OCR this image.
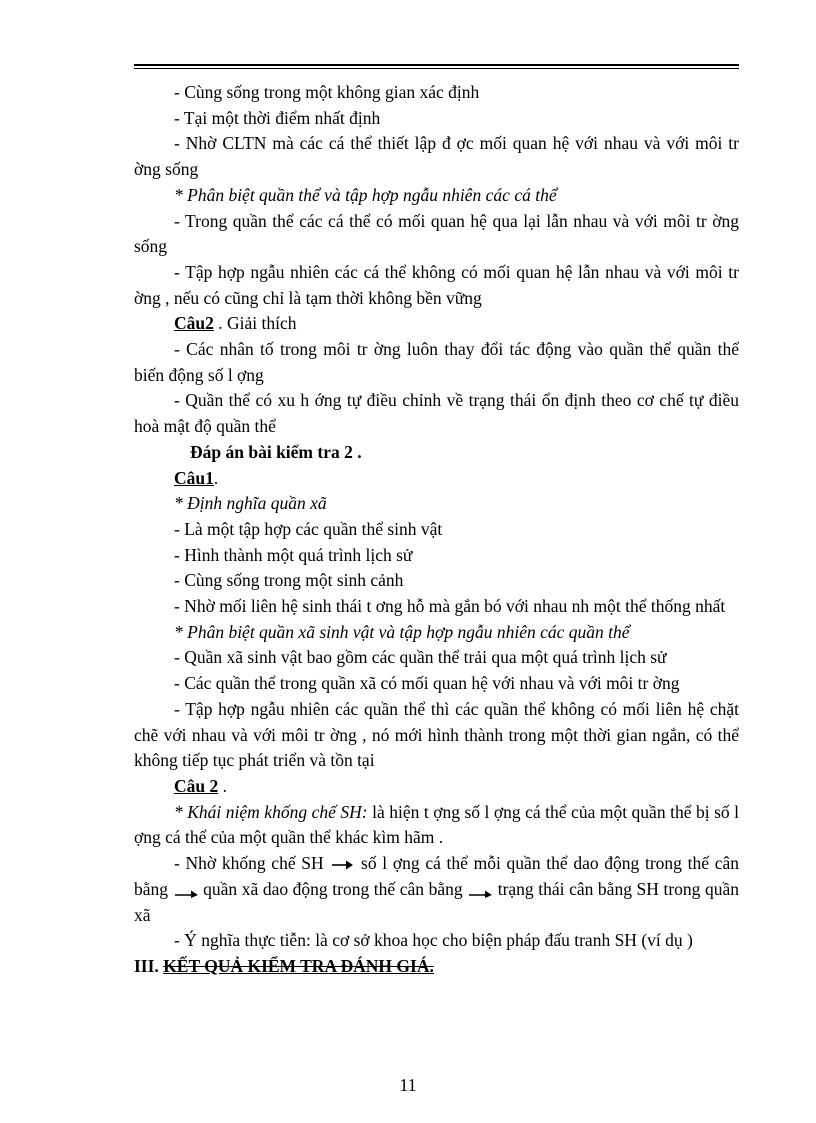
- Cùng sống trong một không gian xác định

- Tại một thời điểm nhất định

- Nhờ CLTN mà các cá thể thiết lập đ ợc mối quan hệ với nhau và với môi tr ờng sống

* Phân biệt quần thể và tập hợp ngẫu nhiên các cá thể

- Trong quần thể các cá thể có mối quan hệ qua lại lẫn nhau và với môi tr ờng sống

- Tập hợp ngẫu nhiên các cá thể không có mối quan hệ lẫn nhau và với môi tr ờng , nếu có cũng chỉ là tạm thời không bền vững

Câu2 . Giải thích

- Các nhân tố trong môi tr ờng luôn thay đổi tác động vào quần thể quần thể biến động số l ợng

- Quần thể có xu h ớng tự điều chỉnh về trạng thái ổn định theo cơ chế tự điều hoà mật độ quần thể

Đáp án bài kiểm tra 2 .

Câu1.

* Định nghĩa quần xã

- Là một tập hợp các quần thể sinh vật

- Hình thành một quá trình lịch sử

- Cùng sống trong một sinh cảnh

- Nhờ mối liên hệ sinh thái t ơng hỗ mà gắn bó với nhau nh một thể thống nhất

* Phân biệt quần xã sinh vật và tập hợp ngẫu nhiên các quần thể

- Quần xã sinh vật bao gồm các quần thể trải qua một quá trình lịch sử

- Các quần thể trong quần xã có mối quan hệ với nhau và với môi tr ờng

- Tập hợp ngẫu nhiên các quần thể thì các quần thể không có mối liên hệ chặt chẽ với nhau và với môi tr ờng , nó mới hình thành trong một thời gian ngắn, có thể không tiếp tục phát triển và tồn tại

Câu 2 .

* Khái niệm khống chế SH: là hiện t ợng số l ợng cá thể của một quần thể bị số l ợng cá thể của một quần thể khác kìm hãm .

- Nhờ khống chế SH  số l ợng cá thể mỗi quần thể dao động trong thế cân bằng  quần xã dao động trong thế cân bằng  trạng thái cân bằng SH trong quần xã

- Ý nghĩa thực tiễn: là cơ sở khoa học cho biện pháp đấu tranh SH (ví dụ )

III. KẾT QUẢ KIỂM TRA ĐÁNH GIÁ.

11
